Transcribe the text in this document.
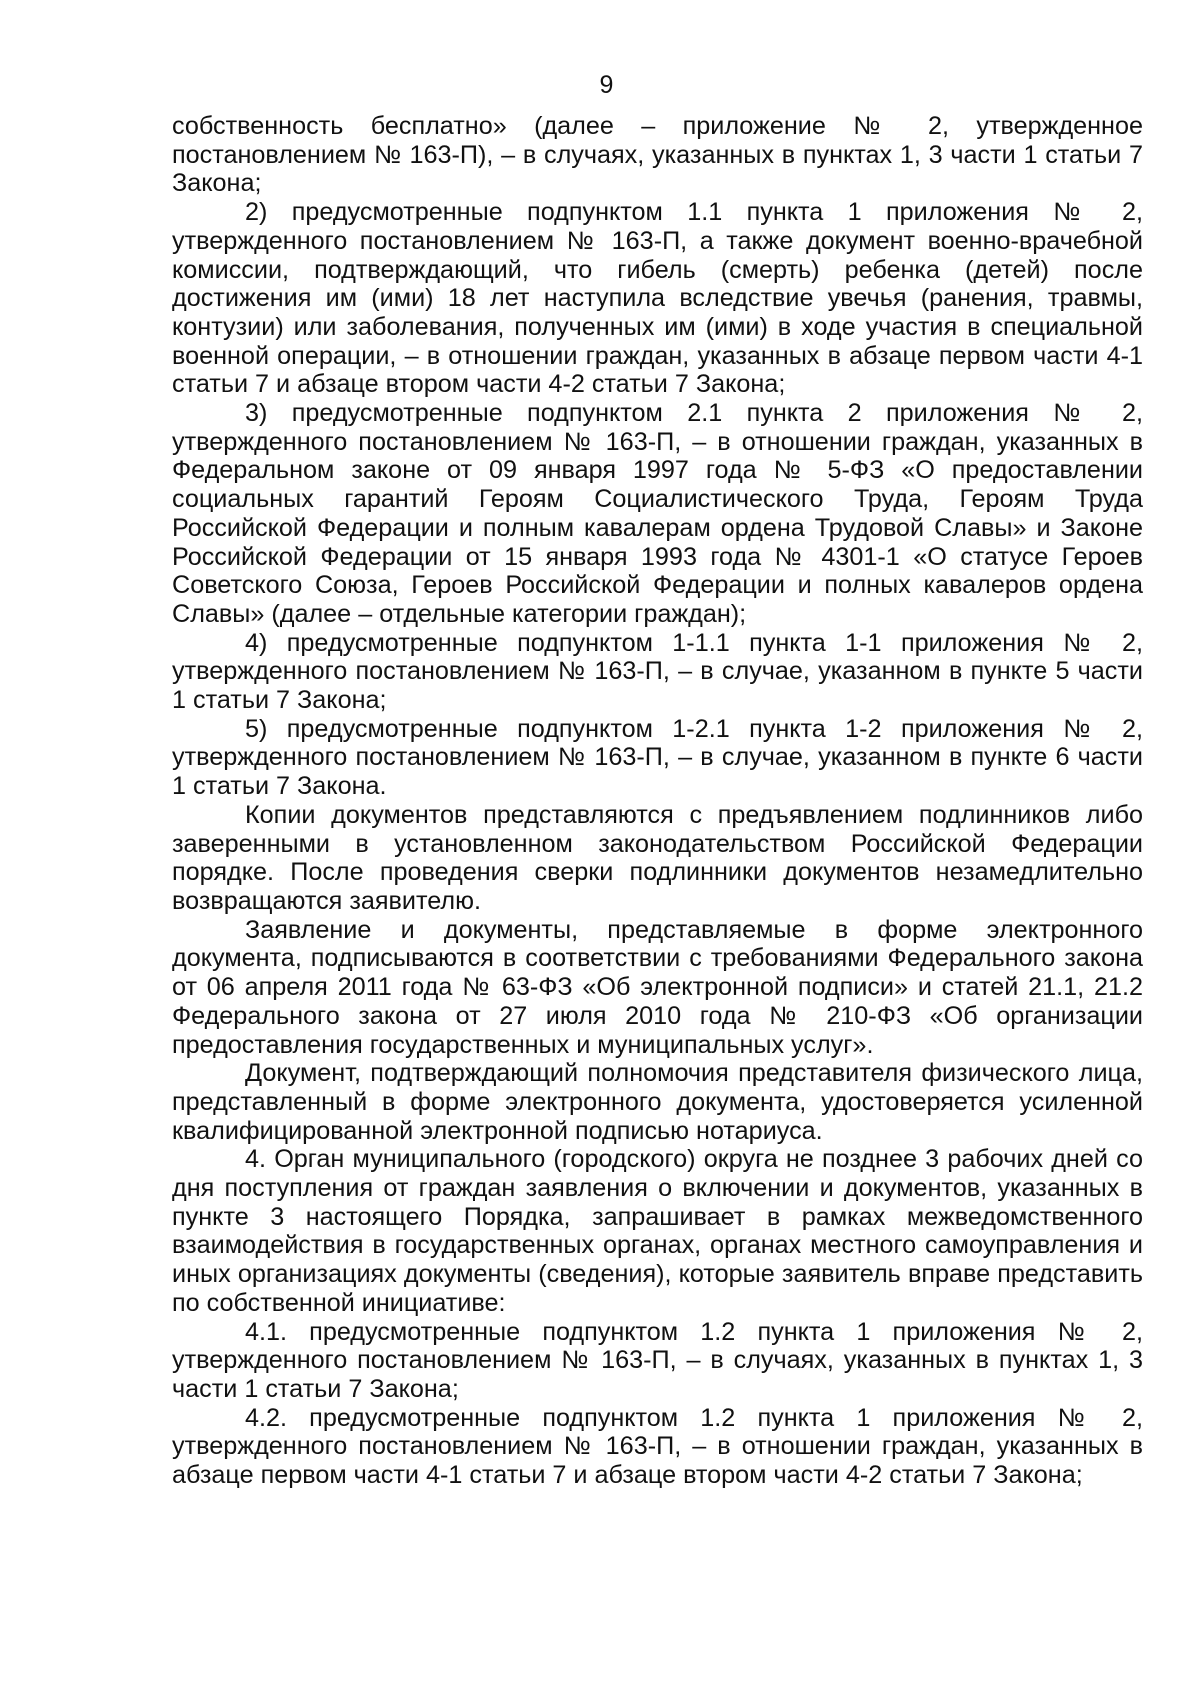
9

собственность бесплатно» (далее – приложение № 2, утвержденное постановлением № 163-П), – в случаях, указанных в пунктах 1, 3 части 1 статьи 7 Закона;

2) предусмотренные подпунктом 1.1 пункта 1 приложения № 2, утвержденного постановлением № 163-П, а также документ военно-врачебной комиссии, подтверждающий, что гибель (смерть) ребенка (детей) после достижения им (ими) 18 лет наступила вследствие увечья (ранения, травмы, контузии) или заболевания, полученных им (ими) в ходе участия в специальной военной операции, – в отношении граждан, указанных в абзаце первом части 4-1 статьи 7 и абзаце втором части 4-2 статьи 7 Закона;

3) предусмотренные подпунктом 2.1 пункта 2 приложения № 2, утвержденного постановлением № 163-П, – в отношении граждан, указанных в Федеральном законе от 09 января 1997 года № 5-ФЗ «О предоставлении социальных гарантий Героям Социалистического Труда, Героям Труда Российской Федерации и полным кавалерам ордена Трудовой Славы» и Законе Российской Федерации от 15 января 1993 года № 4301-1 «О статусе Героев Советского Союза, Героев Российской Федерации и полных кавалеров ордена Славы» (далее – отдельные категории граждан);

4) предусмотренные подпунктом 1-1.1 пункта 1-1 приложения № 2, утвержденного постановлением № 163-П, – в случае, указанном в пункте 5 части 1 статьи 7 Закона;

5) предусмотренные подпунктом 1-2.1 пункта 1-2 приложения № 2, утвержденного постановлением № 163-П, – в случае, указанном в пункте 6 части 1 статьи 7 Закона.

Копии документов представляются с предъявлением подлинников либо заверенными в установленном законодательством Российской Федерации порядке. После проведения сверки подлинники документов незамедлительно возвращаются заявителю.

Заявление и документы, представляемые в форме электронного документа, подписываются в соответствии с требованиями Федерального закона от 06 апреля 2011 года № 63-ФЗ «Об электронной подписи» и статей 21.1, 21.2 Федерального закона от 27 июля 2010 года № 210-ФЗ «Об организации предоставления государственных и муниципальных услуг».

Документ, подтверждающий полномочия представителя физического лица, представленный в форме электронного документа, удостоверяется усиленной квалифицированной электронной подписью нотариуса.

4. Орган муниципального (городского) округа не позднее 3 рабочих дней со дня поступления от граждан заявления о включении и документов, указанных в пункте 3 настоящего Порядка, запрашивает в рамках межведомственного взаимодействия в государственных органах, органах местного самоуправления и иных организациях документы (сведения), которые заявитель вправе представить по собственной инициативе:

4.1. предусмотренные подпунктом 1.2 пункта 1 приложения № 2, утвержденного постановлением № 163-П, – в случаях, указанных в пунктах 1, 3 части 1 статьи 7 Закона;

4.2. предусмотренные подпунктом 1.2 пункта 1 приложения № 2, утвержденного постановлением № 163-П, – в отношении граждан, указанных в абзаце первом части 4-1 статьи 7 и абзаце втором части 4-2 статьи 7 Закона;
